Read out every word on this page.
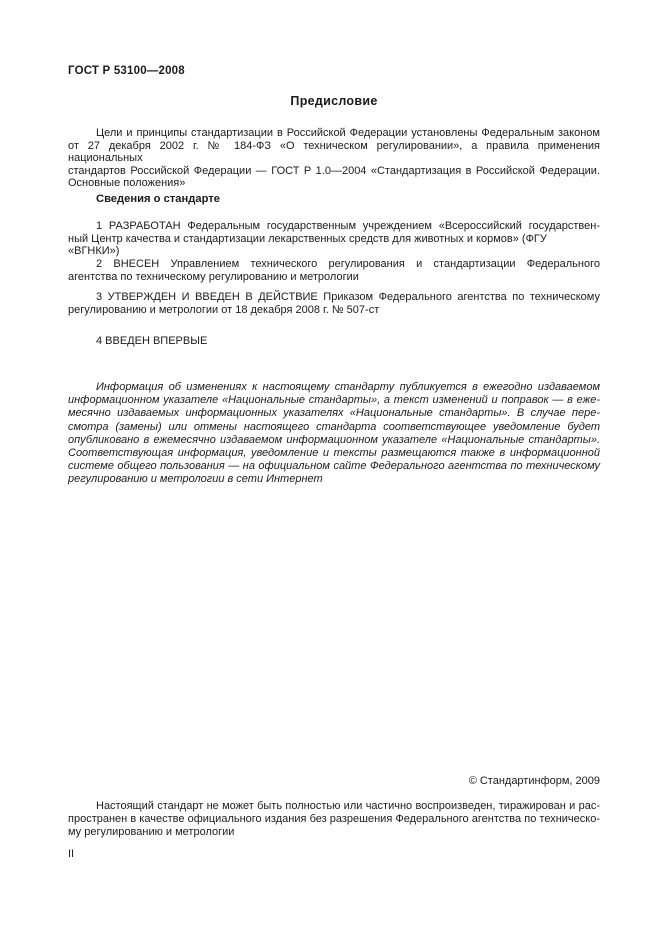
ГОСТ Р 53100—2008
Предисловие
Цели и принципы стандартизации в Российской Федерации установлены Федеральным законом
от 27 декабря 2002 г. № 184-ФЗ «О техническом регулировании», а правила применения национальных
стандартов Российской Федерации — ГОСТ Р 1.0—2004 «Стандартизация в Российской Федерации.
Основные положения»
Сведения о стандарте
1 РАЗРАБОТАН Федеральным государственным учреждением «Всероссийский государствен-
ный Центр качества и стандартизации лекарственных средств для животных и кормов» (ФГУ «ВГНКИ»)
2 ВНЕСЕН Управлением технического регулирования и стандартизации Федерального
агентства по техническому регулированию и метрологии
3 УТВЕРЖДЕН И ВВЕДЕН В ДЕЙСТВИЕ Приказом Федерального агентства по техническому
регулированию и метрологии от 18 декабря 2008 г. № 507-ст
4 ВВЕДЕН ВПЕРВЫЕ
Информация об изменениях к настоящему стандарту публикуется в ежегодно издаваемом
информационном указателе «Национальные стандарты», а текст изменений и поправок — в еже-
месячно издаваемых информационных указателях «Национальные стандарты». В случае пере-
смотра (замены) или отмены настоящего стандарта соответствующее уведомление будет
опубликовано в ежемесячно издаваемом информационном указателе «Национальные стандарты».
Соответствующая информация, уведомление и тексты размещаются также в информационной
системе общего пользования — на официальном сайте Федерального агентства по техническому
регулированию и метрологии в сети Интернет
© Стандартинформ, 2009
Настоящий стандарт не может быть полностью или частично воспроизведен, тиражирован и рас-
пространен в качестве официального издания без разрешения Федерального агентства по техническо-
му регулированию и метрологии
II
